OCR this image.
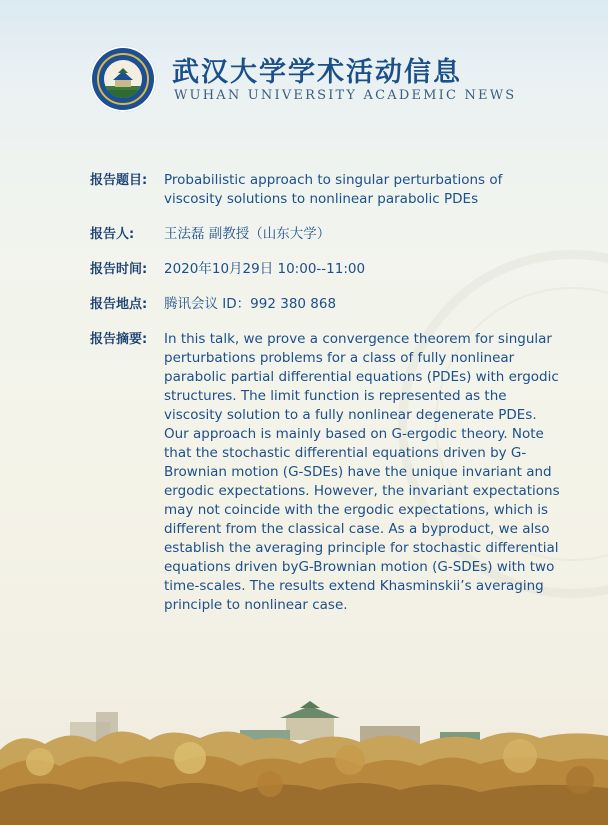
武汉大学学术活动信息
WUHAN UNIVERSITY ACADEMIC NEWS
报告题目:	Probabilistic approach to singular perturbations of viscosity solutions to nonlinear parabolic PDEs
报告人:	王法磊 副教授（山东大学）
报告时间:	2020年10月29日 10:00--11:00
报告地点:	腾讯会议 ID：992 380 868
报告摘要:	In this talk, we prove a convergence theorem for singular perturbations problems for a class of fully nonlinear parabolic partial differential equations (PDEs) with ergodic structures. The limit function is represented as the viscosity solution to a fully nonlinear degenerate PDEs. Our approach is mainly based on G-ergodic theory. Note that the stochastic differential equations driven by G-Brownian motion (G-SDEs) have the unique invariant and ergodic expectations. However, the invariant expectations may not coincide with the ergodic expectations, which is different from the classical case. As a byproduct, we also establish the averaging principle for stochastic differential equations driven byG-Brownian motion (G-SDEs) with two time-scales. The results extend Khasminskii’s averaging principle to nonlinear case.
